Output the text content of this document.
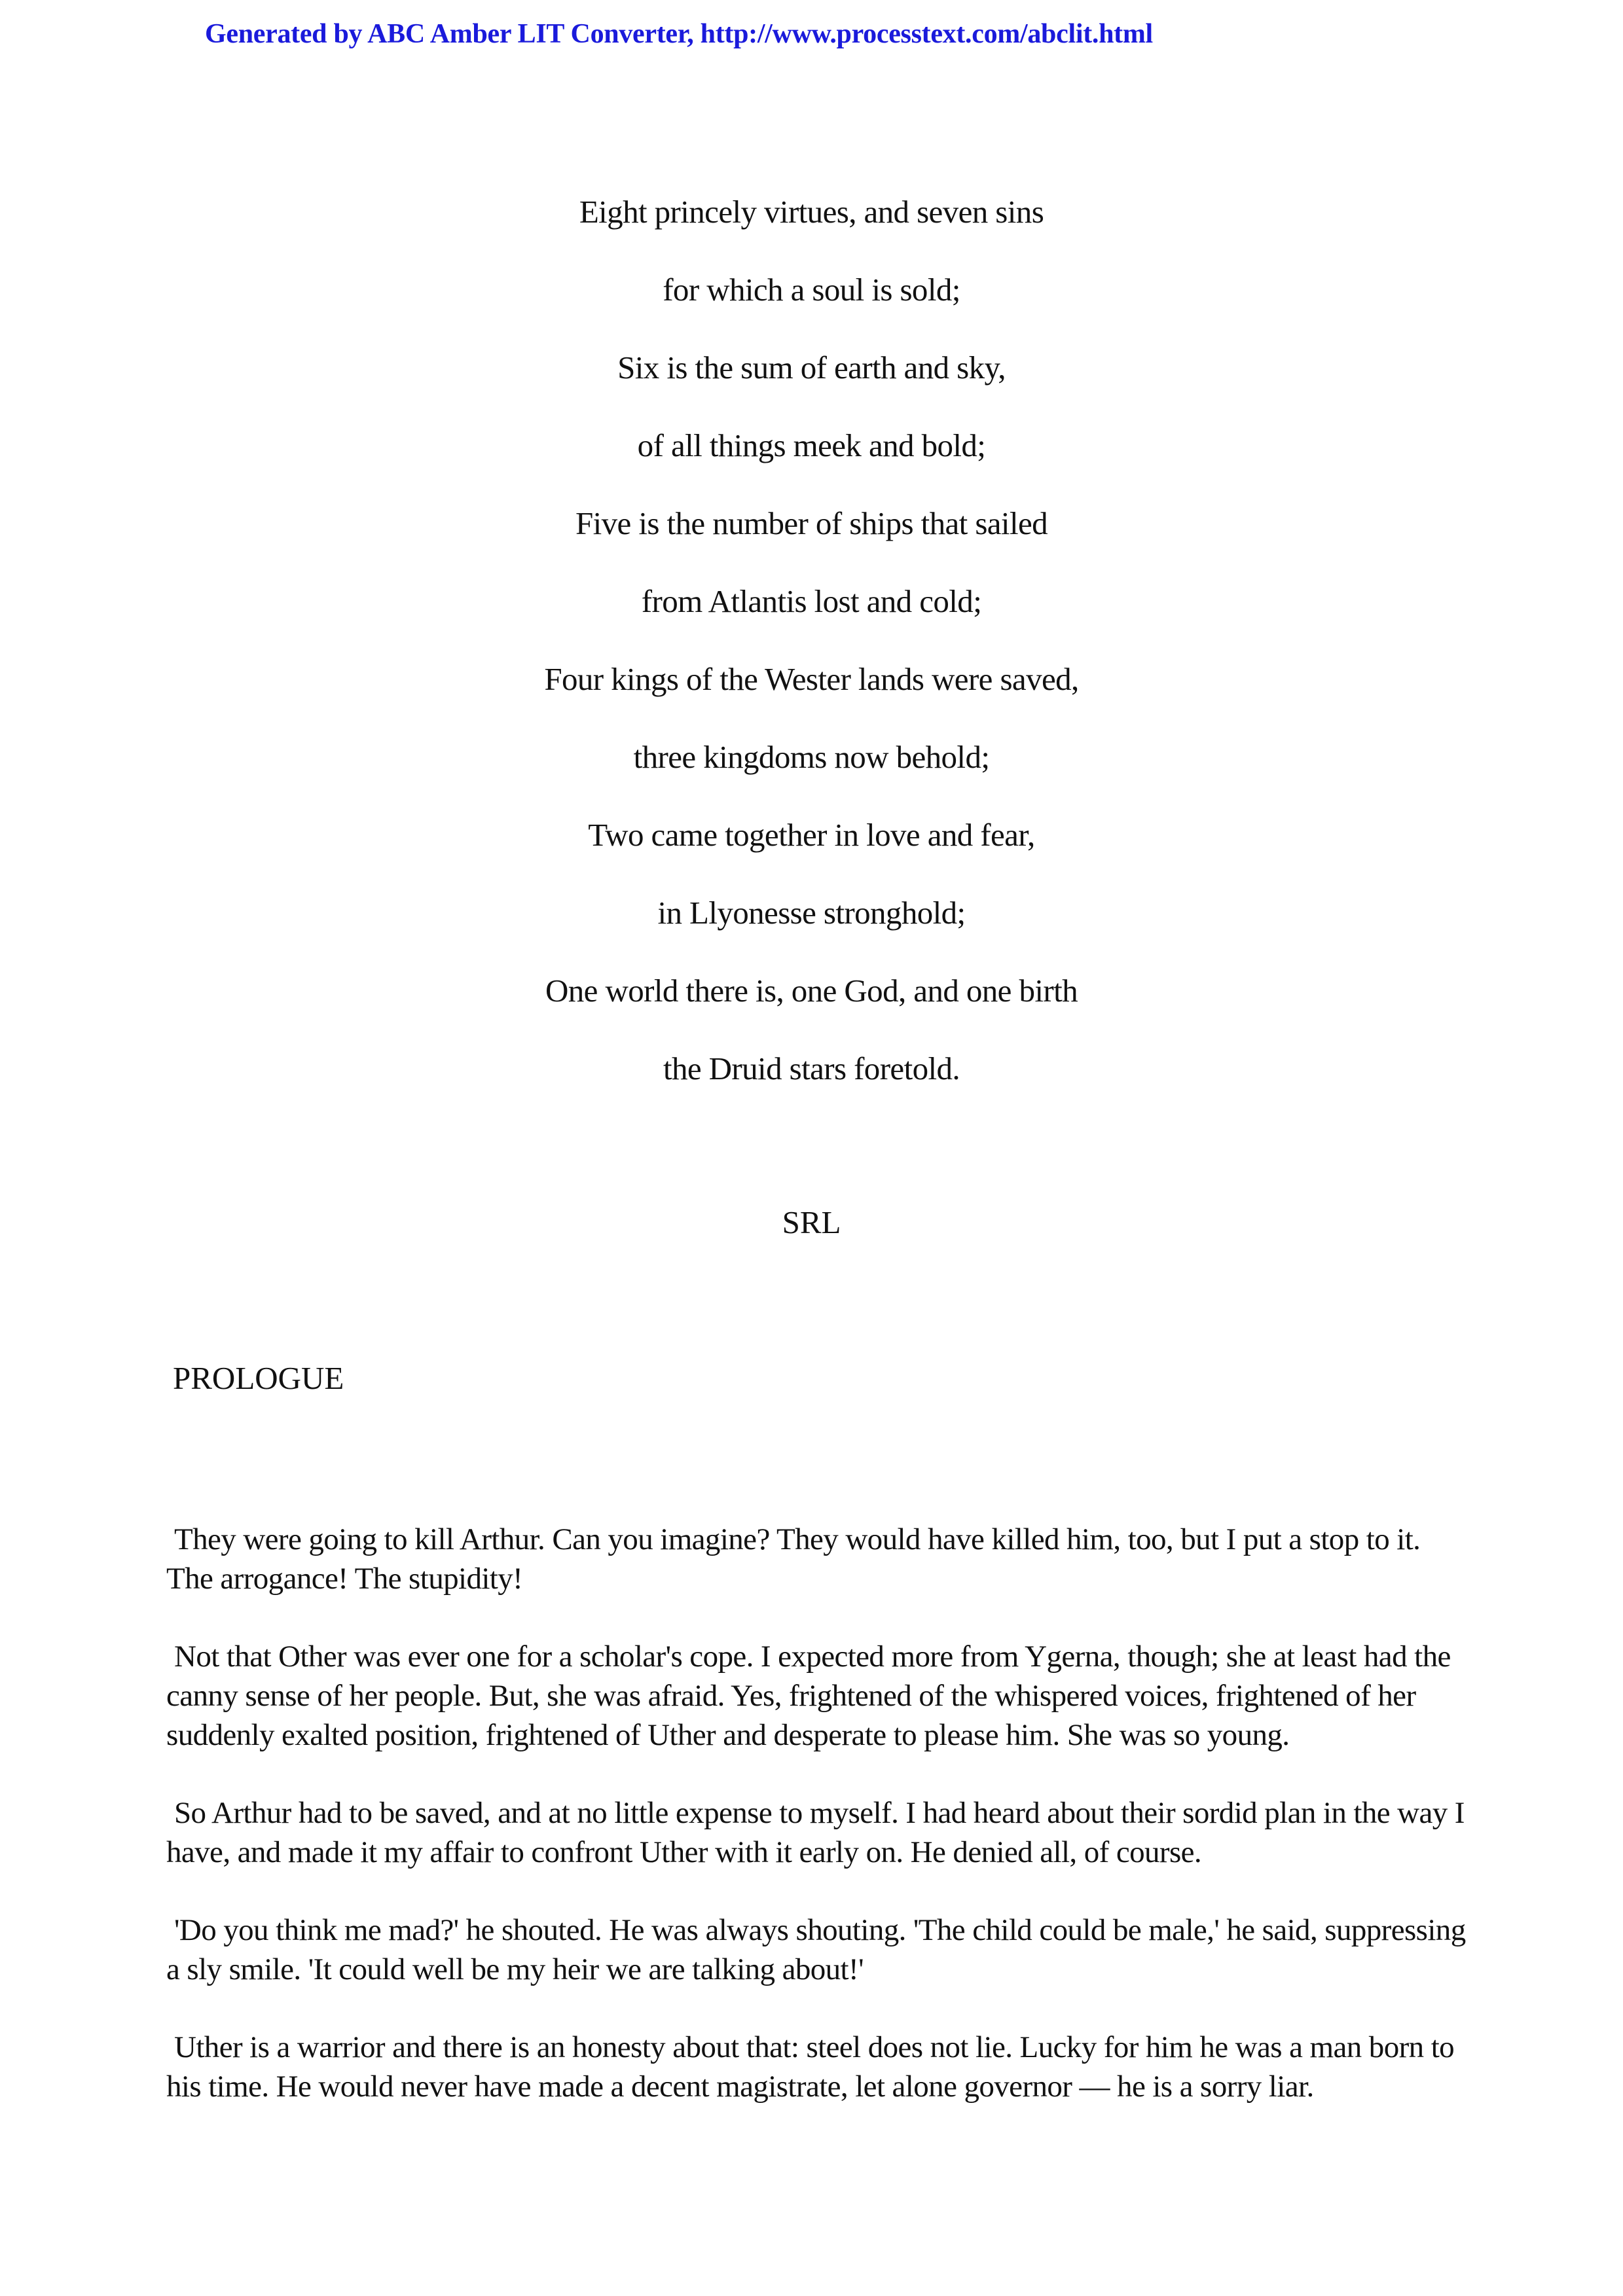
Generated by ABC Amber LIT Converter, http://www.processtext.com/abclit.html
Eight princely virtues, and seven sins
for which a soul is sold;
Six is the sum of earth and sky,
of all things meek and bold;
Five is the number of ships that sailed
from Atlantis lost and cold;
Four kings of the Wester lands were saved,
three kingdoms now behold;
Two came together in love and fear,
in Llyonesse stronghold;
One world there is, one God, and one birth
the Druid stars foretold.
SRL
PROLOGUE

They were going to kill Arthur. Can you imagine? They would have killed him, too, but I put a stop to it. The arrogance! The stupidity!

Not that Other was ever one for a scholar's cope. I expected more from Ygerna, though; she at least had the canny sense of her people. But, she was afraid. Yes, frightened of the whispered voices, frightened of her suddenly exalted position, frightened of Uther and desperate to please him. She was so young.

So Arthur had to be saved, and at no little expense to myself. I had heard about their sordid plan in the way I have, and made it my affair to confront Uther with it early on. He denied all, of course.

'Do you think me mad?' he shouted. He was always shouting. 'The child could be male,' he said, suppressing a sly smile. 'It could well be my heir we are talking about!'

Uther is a warrior and there is an honesty about that: steel does not lie. Lucky for him he was a man born to his time. He would never have made a decent magistrate, let alone governor — he is a sorry liar.
